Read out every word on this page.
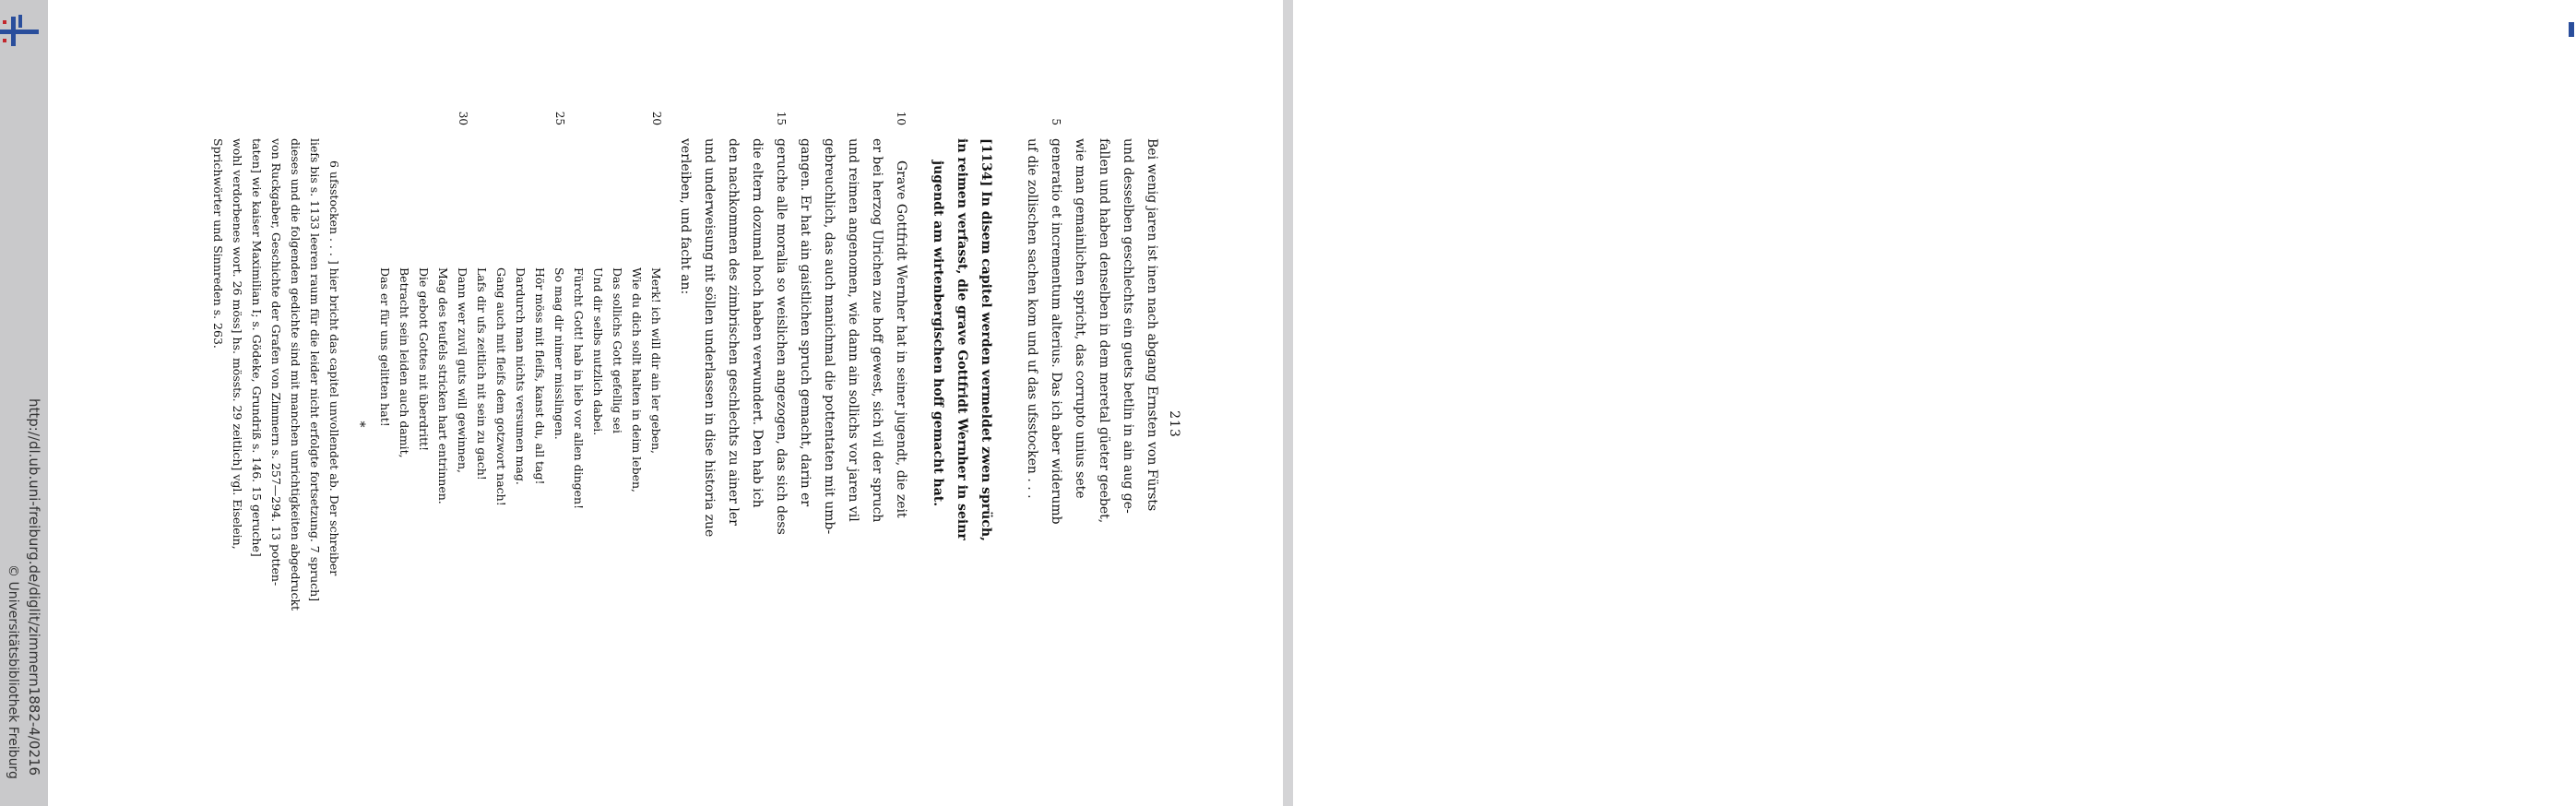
http://dl.ub.uni-freiburg.de/diglit/zimmern1882-4/0216
© Universitätsbibliothek Freiburg
213
Bei wenig jaren ist inen nach abgang Ernsten von Fürsts
und desselben geschlechts ein guets betlin in ain aug ge-
fallen und haben denselben in dem meretal güeter geebet,
wie man gemainlichen spricht, das corrupto unius sete
5
generatio et incrementum alterius. Das ich aber widerumb
uf die zollischen sachen kom und uf das ufsstocken . . .
[1134] In disem capitel werden vermeldet zwen sprüch,
in reimen verfasst, die grave Gottfridt Wernher in seinr
jugendt am wirtenbergischen hoff gemacht hat.
10
Grave Gottfridt Wernher hat in seiner jugendt, die zeit
er bei herzog Ulrichen zue hoff gewest, sich vil der spruch
und reimen angenomen, wie dann ain sollichs vor jaren vil
gebreuchlich, das auch manichmal die pottentaten mit umb-
gangen. Er hat ain gaistlichen spruch gemacht, darin er
15
geruche alle moralia so weislichen angezogen, das sich dess
die eltern dozumal hoch haben verwundert. Den hab ich
den nachkommen des zimbrischen geschlechts zu ainer ler
und underweisung nit söllen underlassen in dise historia zue
verleiben, und facht an:
20
Merk! ich will dir ain ler geben,
Wie du dich sollt halten in deim leben,
Das sollichs Gott gefellig sei
Und dir selbs nutzlich dabei.
Fürcht Gott! hab in lieb vor allen dingen!
25
So mag dir nimer misslingen.
Hör möss mit fleifs, kanst du, all tag!
Dardurch man nichts versumen mag.
Gang auch mit fleifs dem gotzwort nach!
Lafs dir ufs zeitlich nit sein zu gach!
30
Dann wer zuvil guts will gewinnen,
Mag des teufels stricken hart entrinnen.
Die gebott Gottes nit überdritt!
Betracht sein leiden auch damit,
Das er für uns gelitten hat!
*
6 ufsstocken . . . ] hier bricht das capitel unvollendet ab. Der schreiber
liefs bis s. 1133 leeren raum für die leider nicht erfolgte fortsetzung. 7 spruch]
dieses und die folgenden gedichte sind mit manchen unrichtigkeiten abgedruckt
von Ruckgaber, Geschichte der Grafen von Zimmern s. 257—294. 13 potten-
taten] wie kaiser Maximilian I; s. Gödeke, Grundriß s. 146. 15 geruche]
wohl verdorbenes wort. 26 möss] hs. mössts. 29 zeitlich] vgl. Eiselein,
Sprichwörter und Sinnreden s. 263.
